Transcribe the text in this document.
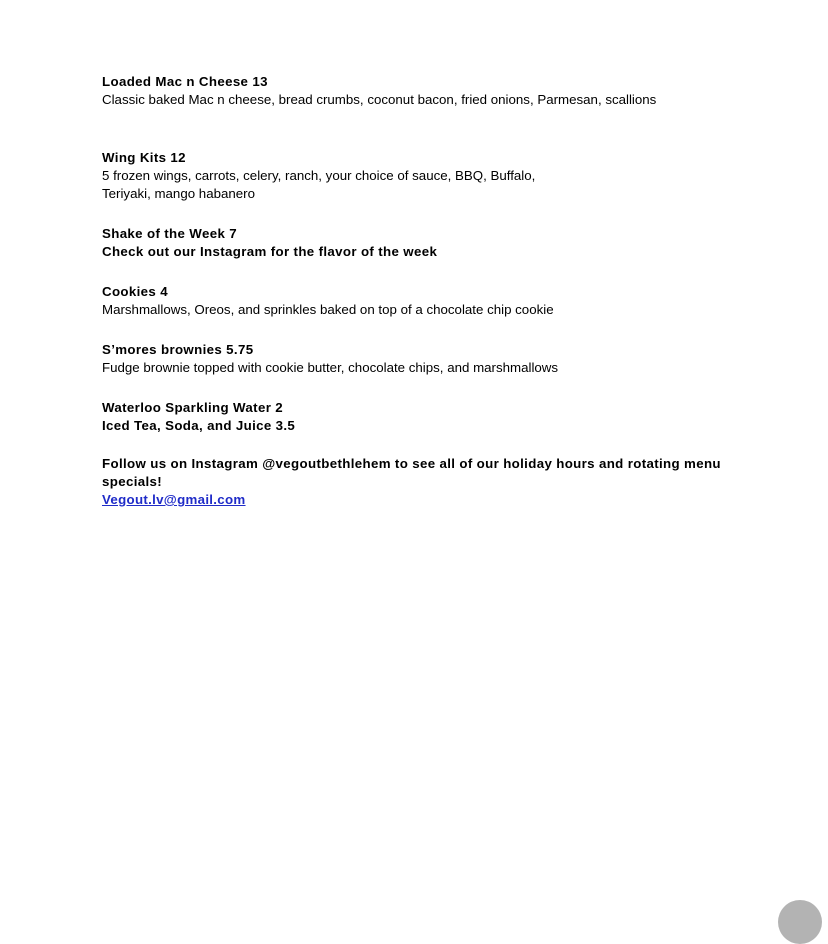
Loaded Mac n Cheese 13
Classic baked Mac n cheese, bread crumbs, coconut bacon, fried onions, Parmesan, scallions
Wing Kits 12
5 frozen wings, carrots, celery, ranch, your choice of sauce, BBQ, Buffalo,
Teriyaki, mango habanero
Shake of the Week 7
Check out our Instagram for the flavor of the week
Cookies 4
Marshmallows, Oreos, and sprinkles baked on top of a chocolate chip cookie
S’mores brownies 5.75
Fudge brownie topped with cookie butter, chocolate chips, and marshmallows
Waterloo Sparkling Water 2
Iced Tea, Soda, and Juice 3.5
Follow us on Instagram @vegoutbethlehem to see all of our holiday hours and rotating menu specials!
Vegout.lv@gmail.com
